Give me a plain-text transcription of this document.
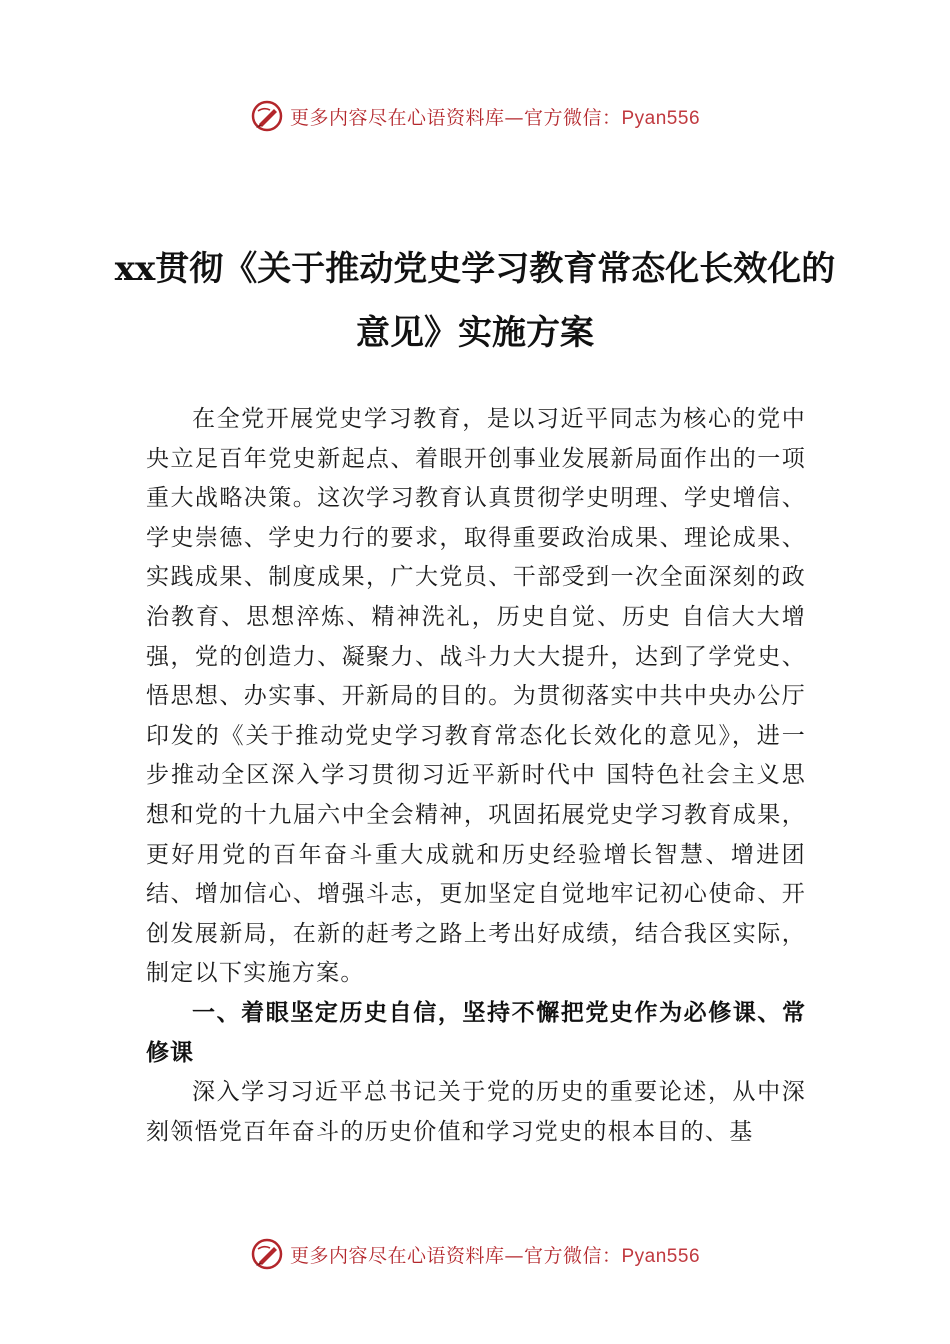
更多内容尽在心语资料库—官方微信：Pyan556
xx贯彻《关于推动党史学习教育常态化长效化的意见》实施方案

在全党开展党史学习教育，是以习近平同志为核心的党中央立足百年党史新起点、着眼开创事业发展新局面作出的一项重大战略决策。这次学习教育认真贯彻学史明理、学史增信、学史崇德、学史力行的要求，取得重要政治成果、理论成果、实践成果、制度成果，广大党员、干部受到一次全面深刻的政治教育、思想淬炼、精神洗礼，历史自觉、历史 自信大大增强，党的创造力、凝聚力、战斗力大大提升，达到了学党史、悟思想、办实事、开新局的目的。为贯彻落实中共中央办公厅印发的《关于推动党史学习教育常态化长效化的意见》，进一步推动全区深入学习贯彻习近平新时代中 国特色社会主义思想和党的十九届六中全会精神，巩固拓展党史学习教育成果，更好用党的百年奋斗重大成就和历史经验增长智慧、增进团结、增加信心、增强斗志，更加坚定自觉地牢记初心使命、开创发展新局，在新的赶考之路上考出好成绩，结合我区实际，制定以下实施方案。

一、着眼坚定历史自信，坚持不懈把党史作为必修课、常修课

深入学习习近平总书记关于党的历史的重要论述，从中深刻领悟党百年奋斗的历史价值和学习党史的根本目的、基

更多内容尽在心语资料库—官方微信：Pyan556
